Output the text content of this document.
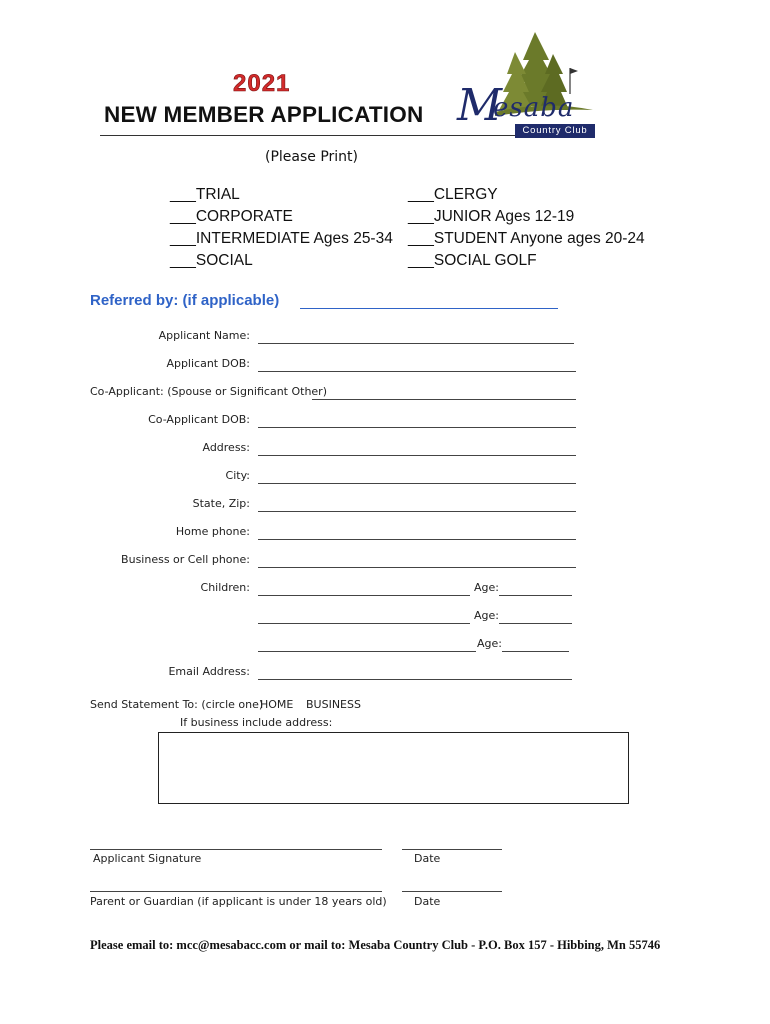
2021
NEW MEMBER APPLICATION
(Please Print)
M
esaba
Country Club
___TRIAL
___CORPORATE
___INTERMEDIATE Ages 25-34
___SOCIAL
___CLERGY
___JUNIOR Ages 12-19
___STUDENT Anyone ages 20-24
___SOCIAL GOLF
Referred by: (if applicable)
Applicant Name:
Applicant DOB:
Co-Applicant: (Spouse or Significant Other)
Co-Applicant DOB:
Address:
City:
State, Zip:
Home phone:
Business or Cell phone:
Children:	Age:
Age:
Age:
Email Address:
Send Statement To: (circle one)
HOME BUSINESS
If business include address:
Applicant Signature	Date
Parent or Guardian (if applicant is under 18 years old) Date
Please email to: mcc@mesabacc.com or mail to: Mesaba Country Club - P.O. Box 157 - Hibbing, Mn 55746
